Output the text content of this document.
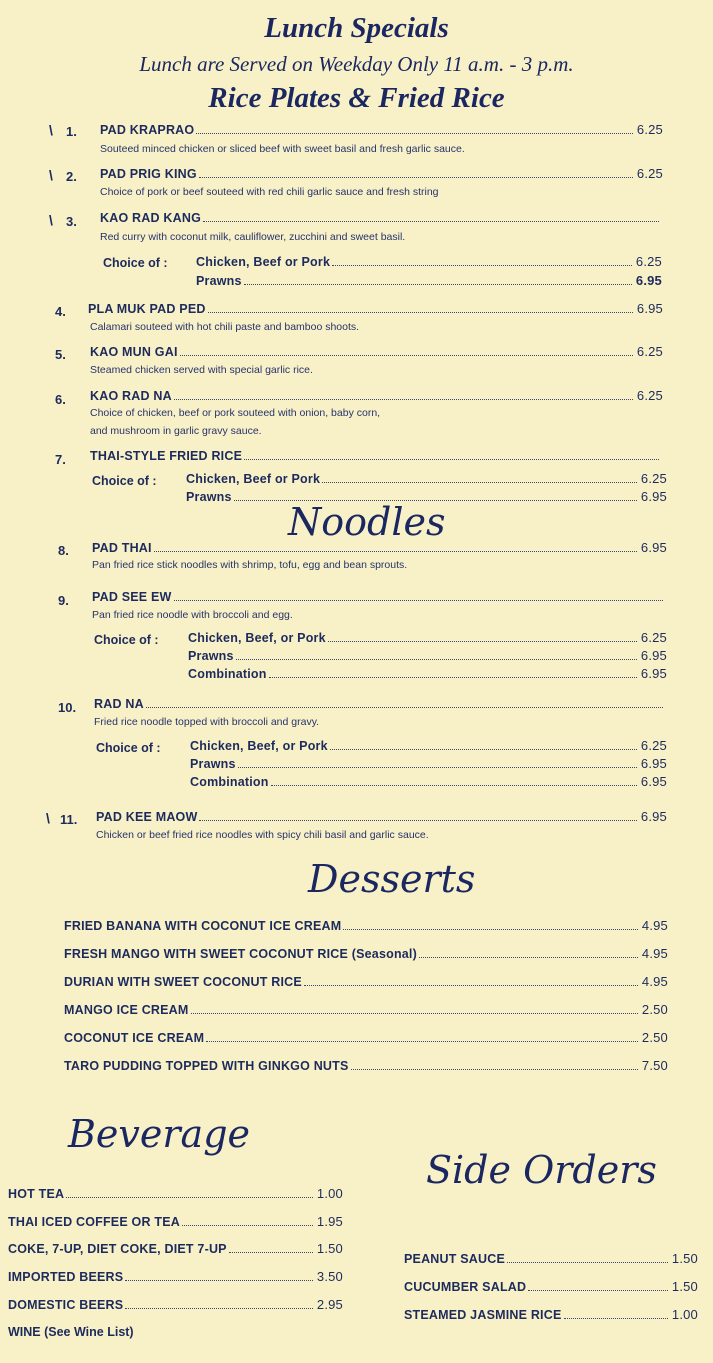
Lunch Specials
Lunch are Served on Weekday Only 11 a.m. - 3 p.m.
Rice Plates & Fried Rice
\ 1. PAD KRAPRAO	6.25
Souteed minced chicken or sliced beef with sweet basil and fresh garlic sauce.
\ 2. PAD PRIG KING	6.25
Choice of pork or beef souteed with red chili garlic sauce and fresh string
\ 3. KAO RAD KANG
Red curry with coconut milk, cauliflower, zucchini and sweet basil.
Choice of : Chicken, Beef or Pork	6.25
Prawns	6.95
4. PLA MUK PAD PED	6.95
Calamari souteed with hot chili paste and bamboo shoots.
5. KAO MUN GAI	6.25
Steamed chicken served with special garlic rice.
6. KAO RAD NA	6.25
Choice of chicken, beef or pork souteed with onion, baby corn,
and mushroom in garlic gravy sauce.
7. THAI-STYLE FRIED RICE
Choice of : Chicken, Beef or Pork	6.25
Prawns	6.95
Noodles
8. PAD THAI	6.95
Pan fried rice stick noodles with shrimp, tofu, egg and bean sprouts.
9. PAD SEE EW
Pan fried rice noodle with broccoli and egg.
Choice of : Chicken, Beef, or Pork	6.25
Prawns	6.95
Combination	6.95
10. RAD NA
Fried rice noodle topped with broccoli and gravy.
Choice of : Chicken, Beef, or Pork	6.25
Prawns	6.95
Combination	6.95
\ 11. PAD KEE MAOW	6.95
Chicken or beef fried rice noodles with spicy chili basil and garlic sauce.
Desserts
FRIED BANANA WITH COCONUT ICE CREAM	4.95
FRESH MANGO WITH SWEET COCONUT RICE (Seasonal)	4.95
DURIAN WITH SWEET COCONUT RICE	4.95
MANGO ICE CREAM	2.50
COCONUT ICE CREAM	2.50
TARO PUDDING TOPPED WITH GINKGO NUTS	7.50
Beverage
HOT TEA	1.00
THAI ICED COFFEE OR TEA	1.95
COKE, 7-UP, DIET COKE, DIET 7-UP	1.50
IMPORTED BEERS	3.50
DOMESTIC BEERS	2.95
WINE (See Wine List)
Side Orders
PEANUT SAUCE	1.50
CUCUMBER SALAD	1.50
STEAMED JASMINE RICE	1.00
